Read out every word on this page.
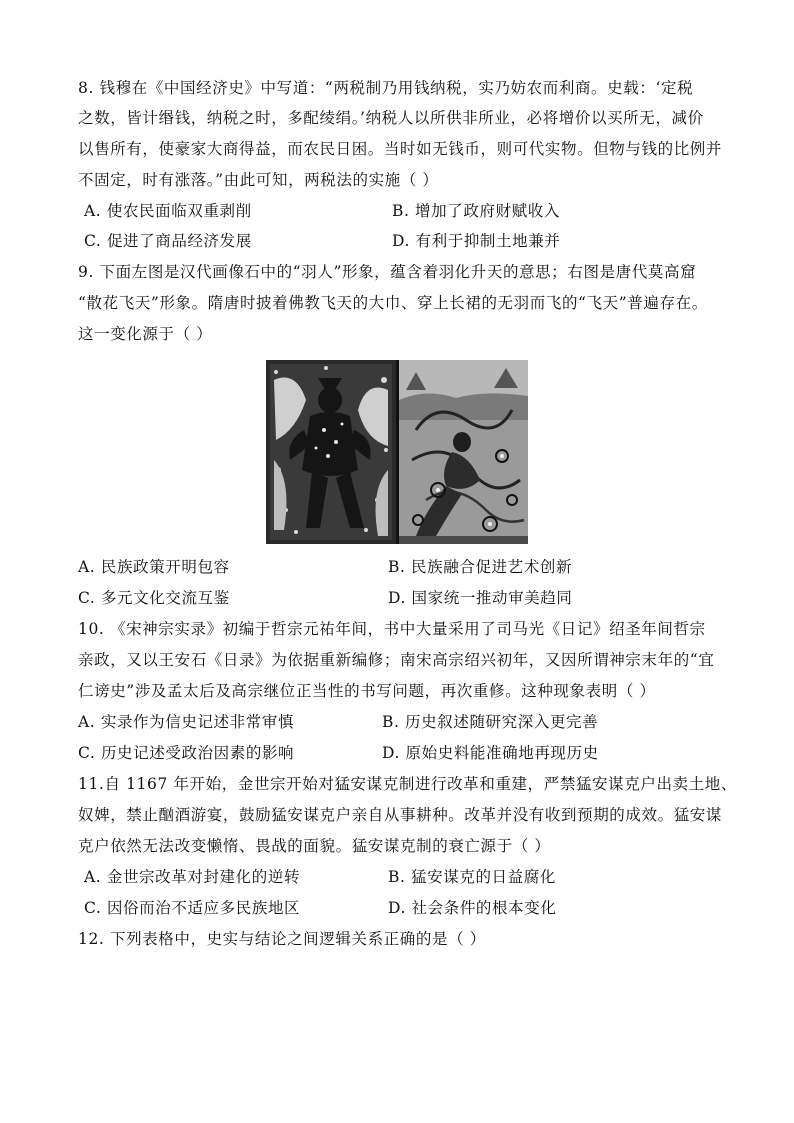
8. 钱穆在《中国经济史》中写道：“两税制乃用钱纳税，实乃妨农而利商。史载：‘定税
之数，皆计缗钱，纳税之时，多配绫绢。’纳税人以所供非所业，必将增价以买所无，减价
以售所有，使豪家大商得益，而农民日困。当时如无钱币，则可代实物。但物与钱的比例并
不固定，时有涨落。”由此可知，两税法的实施（ ）
A. 使农民面临双重剥削	B. 增加了政府财赋收入
C. 促进了商品经济发展	D. 有利于抑制土地兼并
9. 下面左图是汉代画像石中的“羽人”形象，蕴含着羽化升天的意思；右图是唐代莫高窟
“散花飞天”形象。隋唐时披着佛教飞天的大巾、穿上长裙的无羽而飞的“飞天”普遍存在。
这一变化源于（ ）
A. 民族政策开明包容	B. 民族融合促进艺术创新
C. 多元文化交流互鉴	D. 国家统一推动审美趋同
10. 《宋神宗实录》初编于哲宗元祐年间，书中大量采用了司马光《日记》绍圣年间哲宗
亲政，又以王安石《日录》为依据重新编修；南宋高宗绍兴初年，又因所谓神宗末年的“宜
仁谤史”涉及孟太后及高宗继位正当性的书写问题，再次重修。这种现象表明（ ）
A. 实录作为信史记述非常审慎	B. 历史叙述随研究深入更完善
C. 历史记述受政治因素的影响	D. 原始史料能准确地再现历史
11.自 1167 年开始，金世宗开始对猛安谋克制进行改革和重建，严禁猛安谋克户出卖土地、
奴婢，禁止酗酒游宴，鼓励猛安谋克户亲自从事耕种。改革并没有收到预期的成效。猛安谋
克户依然无法改变懒惰、畏战的面貌。猛安谋克制的衰亡源于（ ）
A. 金世宗改革对封建化的逆转	B. 猛安谋克的日益腐化
C. 因俗而治不适应多民族地区	D. 社会条件的根本变化
12. 下列表格中，史实与结论之间逻辑关系正确的是（ ）
